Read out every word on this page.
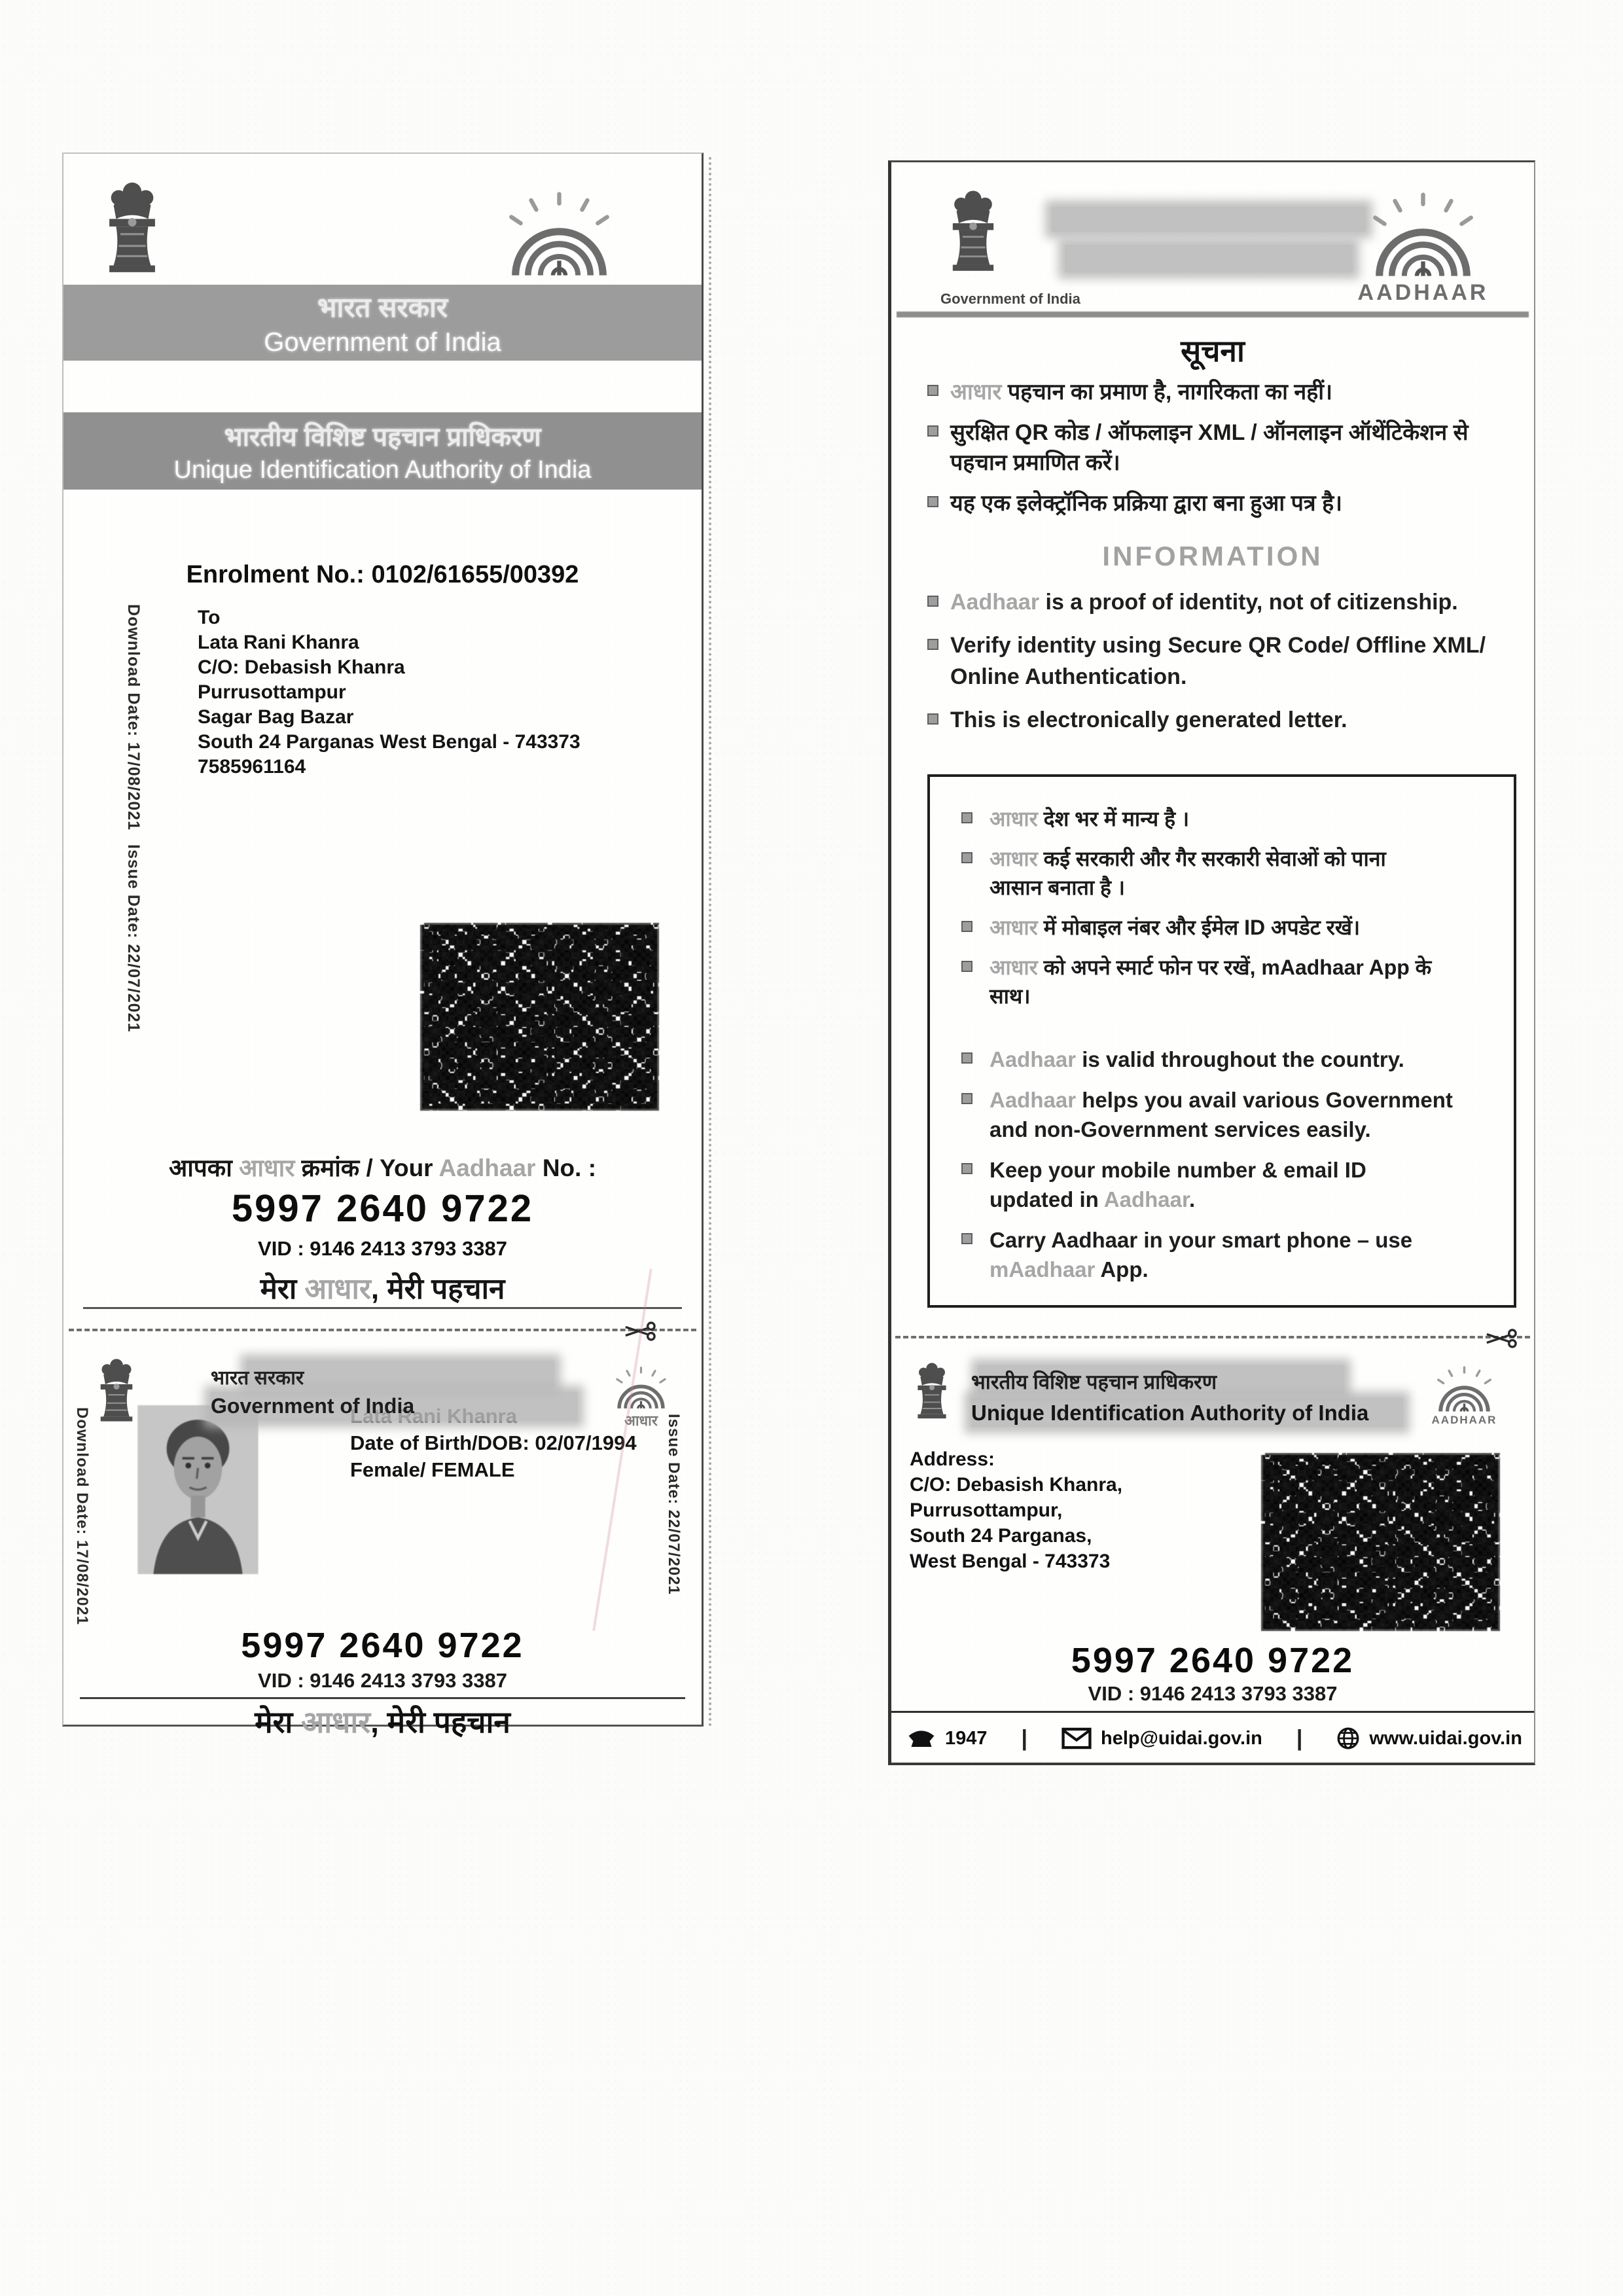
भारत सरकार
Government of India
भारतीय विशिष्ट पहचान प्राधिकरण
Unique Identification Authority of India
Enrolment No.: 0102/61655/00392
Download Date: 17/08/2021	To
Lata Rani Khanra
C/O: Debasish Khanra
Purrusottampur
Sagar Bag Bazar
South 24 Parganas West Bengal - 743373
7585961164
Issue Date: 22/07/2021
आपका आधार क्रमांक / Your Aadhaar No. :
5997 2640 9722
VID : 9146 2413 3793 3387
मेरा आधार, मेरी पहचान
भारत सरकार
Government of India
आधार
Date of Birth/DOB: 02/07/1994
Female/ FEMALE
Download Date: 17/08/2021	Issue Date: 22/07/2021
5997 2640 9722
VID : 9146 2413 3793 3387
मेरा आधार, मेरी पहचान
Government of India	AADHAAR
सूचना
आधार पहचान का प्रमाण है, नागरिकता का नहीं।
सुरक्षित QR कोड / ऑफलाइन XML / ऑनलाइन ऑथेंटिकेशन से पहचान प्रमाणित करें।
यह एक इलेक्ट्रॉनिक प्रक्रिया द्वारा बना हुआ पत्र है।
INFORMATION
Aadhaar is a proof of identity, not of citizenship.
Verify identity using Secure QR Code/ Offline XML/ Online Authentication.
This is electronically generated letter.
आधार देश भर में मान्य है ।
आधार कई सरकारी और गैर सरकारी सेवाओं को पाना आसान बनाता है ।
आधार में मोबाइल नंबर और ईमेल ID अपडेट रखें।
आधार को अपने स्मार्ट फोन पर रखें, mAadhaar App के साथ।
Aadhaar is valid throughout the country.
Aadhaar helps you avail various Government and non-Government services easily.
Keep your mobile number & email ID updated in Aadhaar.
Carry Aadhaar in your smart phone – use mAadhaar App.
भारतीय विशिष्ट पहचान प्राधिकरण
Unique Identification Authority of India	AADHAAR
Address:
C/O: Debasish Khanra, Purrusottampur,
South 24 Parganas,
West Bengal - 743373
5997 2640 9722
VID : 9146 2413 3793 3387
1947 |	help@uidai.gov.in |	www.uidai.gov.in
